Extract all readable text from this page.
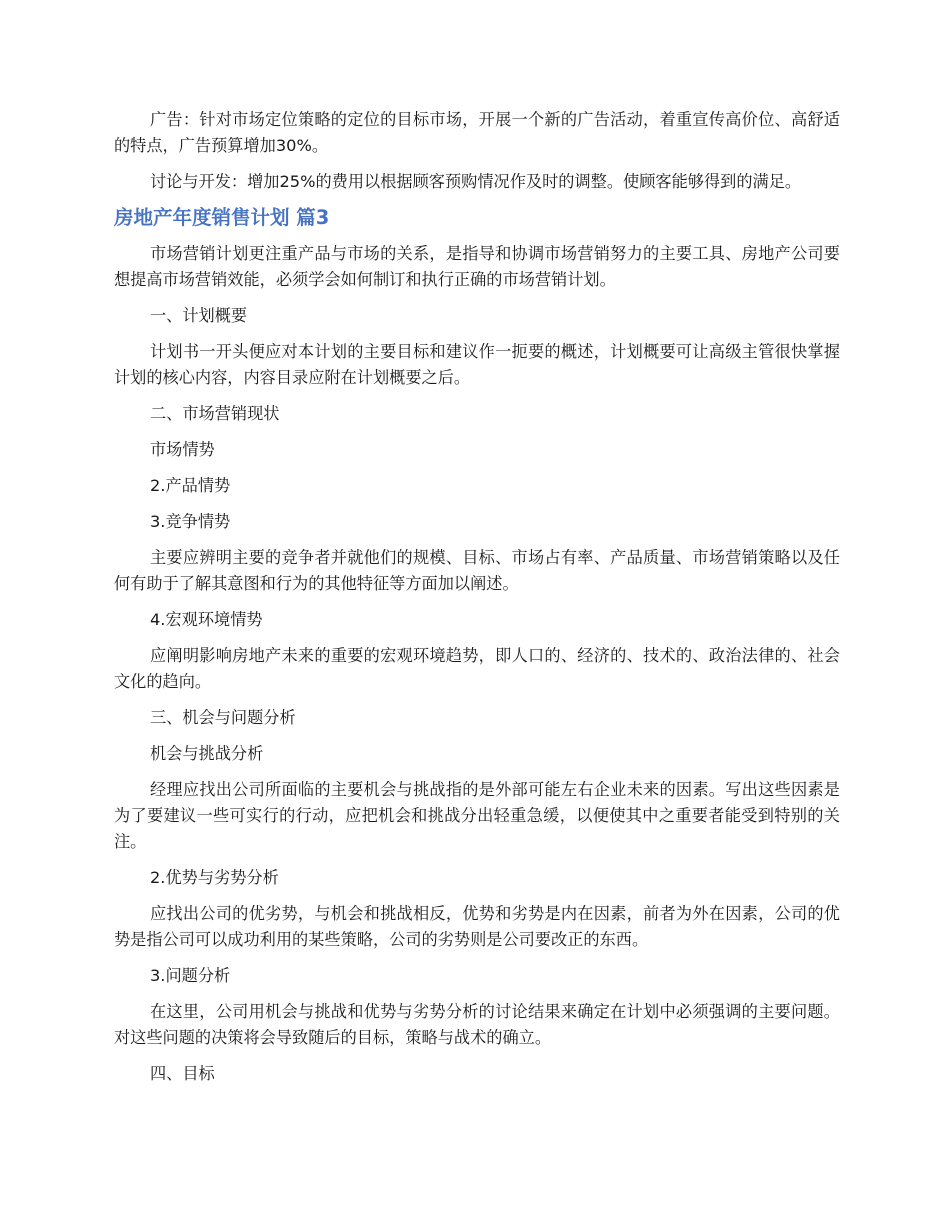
广告：针对市场定位策略的定位的目标市场，开展一个新的广告活动，着重宣传高价位、高舒适的特点，广告预算增加30%。

讨论与开发：增加25%的费用以根据顾客预购情况作及时的调整。使顾客能够得到的满足。

房地产年度销售计划 篇3

市场营销计划更注重产品与市场的关系，是指导和协调市场营销努力的主要工具、房地产公司要想提高市场营销效能，必须学会如何制订和执行正确的市场营销计划。

一、计划概要

计划书一开头便应对本计划的主要目标和建议作一扼要的概述，计划概要可让高级主管很快掌握计划的核心内容，内容目录应附在计划概要之后。

二、市场营销现状

市场情势

2.产品情势

3.竞争情势

主要应辨明主要的竞争者并就他们的规模、目标、市场占有率、产品质量、市场营销策略以及任何有助于了解其意图和行为的其他特征等方面加以阐述。

4.宏观环境情势

应阐明影响房地产未来的重要的宏观环境趋势，即人口的、经济的、技术的、政治法律的、社会文化的趋向。

三、机会与问题分析

机会与挑战分析

经理应找出公司所面临的主要机会与挑战指的是外部可能左右企业未来的因素。写出这些因素是为了要建议一些可实行的行动，应把机会和挑战分出轻重急缓，以便使其中之重要者能受到特别的关注。

2.优势与劣势分析

应找出公司的优劣势，与机会和挑战相反，优势和劣势是内在因素，前者为外在因素，公司的优势是指公司可以成功利用的某些策略，公司的劣势则是公司要改正的东西。

3.问题分析

在这里，公司用机会与挑战和优势与劣势分析的讨论结果来确定在计划中必须强调的主要问题。对这些问题的决策将会导致随后的目标，策略与战术的确立。

四、目标
